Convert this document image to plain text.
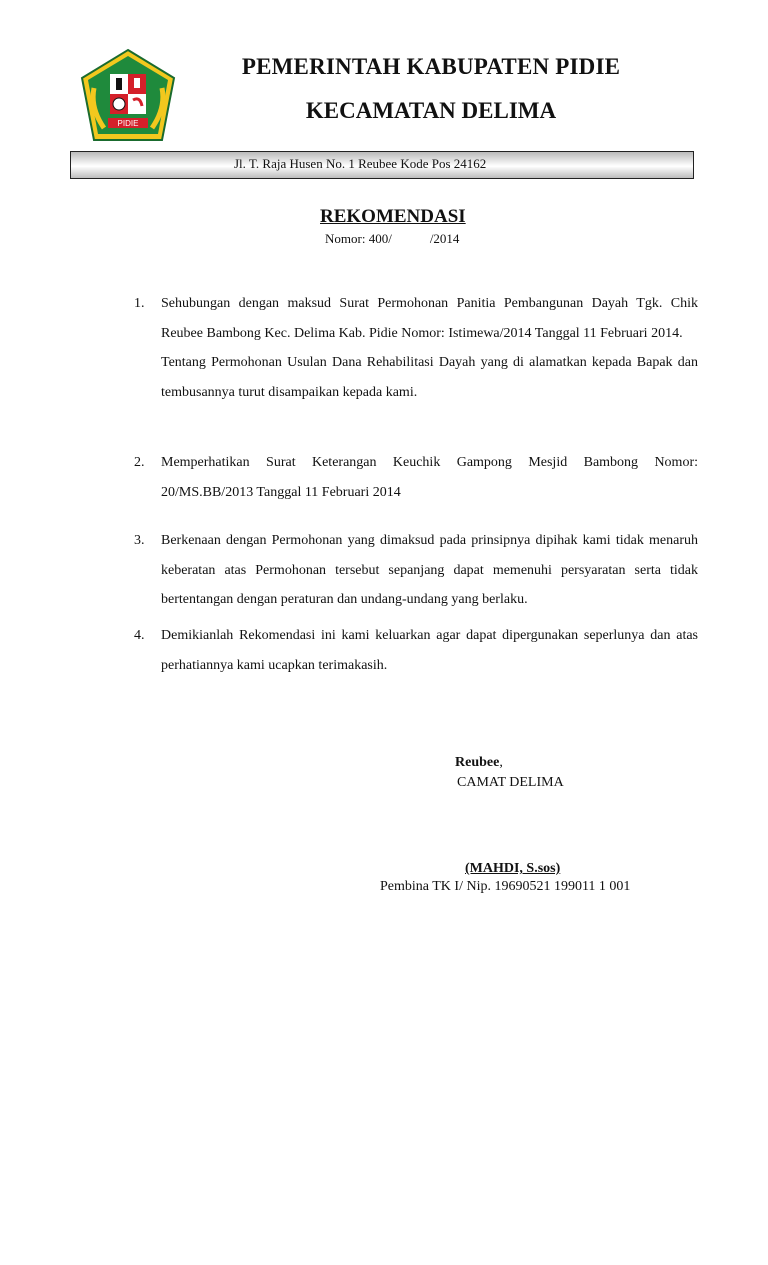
PIDIE
PEMERINTAH KABUPATEN PIDIE
KECAMATAN DELIMA
Jl. T. Raja Husen No. 1 Reubee Kode Pos 24162
REKOMENDASI
Nomor: 400/	/2014
1. Sehubungan dengan maksud Surat Permohonan Panitia Pembangunan Dayah Tgk. Chik Reubee Bambong Kec. Delima Kab. Pidie Nomor: Istimewa/2014 Tanggal 11 Februari 2014.

Tentang Permohonan Usulan Dana Rehabilitasi Dayah yang di alamatkan kepada Bapak dan tembusannya turut disampaikan kepada kami.

2. Memperhatikan Surat Keterangan Keuchik Gampong Mesjid Bambong Nomor: 20/MS.BB/2013 Tanggal 11 Februari 2014

3. Berkenaan dengan Permohonan yang dimaksud pada prinsipnya dipihak kami tidak menaruh keberatan atas Permohonan tersebut sepanjang dapat memenuhi persyaratan serta tidak bertentangan dengan peraturan dan undang-undang yang berlaku.

4. Demikianlah Rekomendasi ini kami keluarkan agar dapat dipergunakan seperlunya dan atas perhatiannya kami ucapkan terimakasih.

Reubee,
CAMAT DELIMA
(MAHDI, S.sos)
Pembina TK I/ Nip. 19690521 199011 1 001
